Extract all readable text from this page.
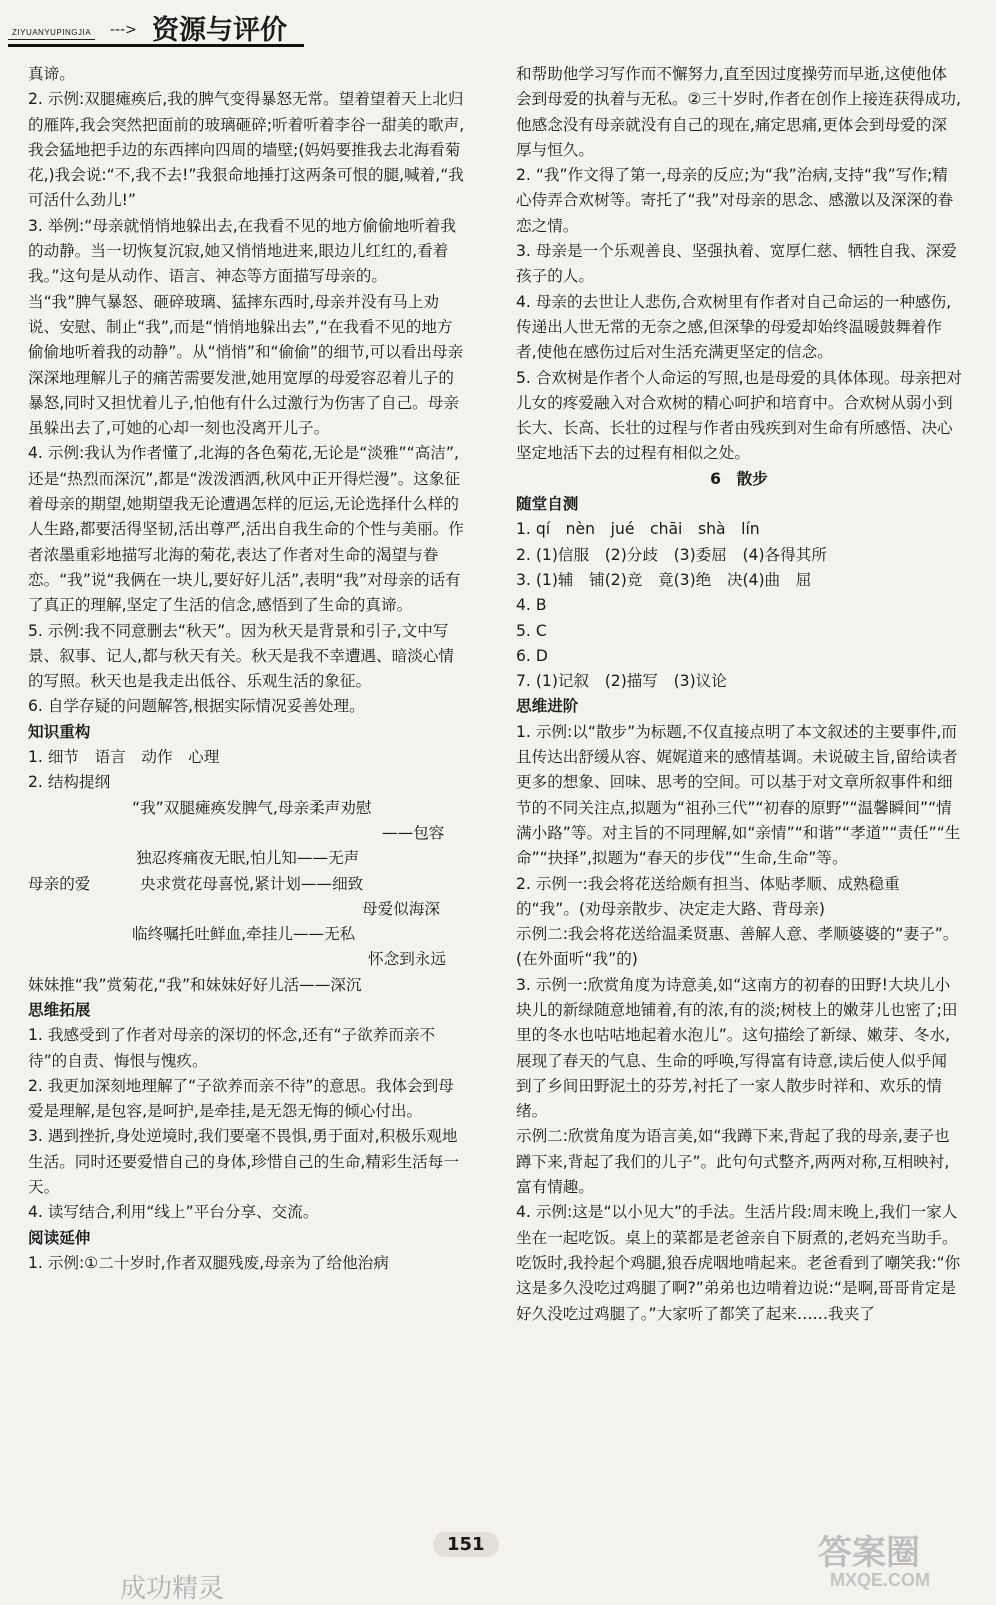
ZIYUANYUPINGJIA ---> 资源与评价

真谛。

2. 示例:双腿瘫痪后,我的脾气变得暴怒无常。望着望着天上北归的雁阵,我会突然把面前的玻璃砸碎;听着听着李谷一甜美的歌声,我会猛地把手边的东西摔向四周的墙壁;(妈妈要推我去北海看菊花,)我会说:“不,我不去!”我狠命地捶打这两条可恨的腿,喊着,“我可活什么劲儿!”

3. 举例:“母亲就悄悄地躲出去,在我看不见的地方偷偷地听着我的动静。当一切恢复沉寂,她又悄悄地进来,眼边儿红红的,看着我。”这句是从动作、语言、神态等方面描写母亲的。

当“我”脾气暴怒、砸碎玻璃、猛摔东西时,母亲并没有马上劝说、安慰、制止“我”,而是“悄悄地躲出去”,“在我看不见的地方偷偷地听着我的动静”。从“悄悄”和“偷偷”的细节,可以看出母亲深深地理解儿子的痛苦需要发泄,她用宽厚的母爱容忍着儿子的暴怒,同时又担忧着儿子,怕他有什么过激行为伤害了自己。母亲虽躲出去了,可她的心却一刻也没离开儿子。

4. 示例:我认为作者懂了,北海的各色菊花,无论是“淡雅”“高洁”,还是“热烈而深沉”,都是“泼泼洒洒,秋风中正开得烂漫”。这象征着母亲的期望,她期望我无论遭遇怎样的厄运,无论选择什么样的人生路,都要活得坚韧,活出尊严,活出自我生命的个性与美丽。作者浓墨重彩地描写北海的菊花,表达了作者对生命的渴望与眷恋。“我”说“我俩在一块儿,要好好儿活”,表明“我”对母亲的话有了真正的理解,坚定了生活的信念,感悟到了生命的真谛。

5. 示例:我不同意删去“秋天”。因为秋天是背景和引子,文中写景、叙事、记人,都与秋天有关。秋天是我不幸遭遇、暗淡心情的写照。秋天也是我走出低谷、乐观生活的象征。

6. 自学存疑的问题解答,根据实际情况妥善处理。

知识重构

1. 细节　语言　动作　心理

2. 结构提纲

“我”双腿瘫痪发脾气,母亲柔声劝慰
——包容
独忍疼痛夜无眠,怕儿知——无声
母亲的爱	央求赏花母喜悦,紧计划——细致
母爱似海深
临终嘱托吐鲜血,牵挂儿——无私
怀念到永远
妹妹推“我”赏菊花,“我”和妹妹好好儿活——深沉

思维拓展

1. 我感受到了作者对母亲的深切的怀念,还有“子欲养而亲不待”的自责、悔恨与愧疚。

2. 我更加深刻地理解了“子欲养而亲不待”的意思。我体会到母爱是理解,是包容,是呵护,是牵挂,是无怨无悔的倾心付出。

3. 遇到挫折,身处逆境时,我们要毫不畏惧,勇于面对,积极乐观地生活。同时还要爱惜自己的身体,珍惜自己的生命,精彩生活每一天。

4. 读写结合,利用“线上”平台分享、交流。

阅读延伸

1. 示例:①二十岁时,作者双腿残废,母亲为了给他治病

和帮助他学习写作而不懈努力,直至因过度操劳而早逝,这使他体会到母爱的执着与无私。②三十岁时,作者在创作上接连获得成功,他感念没有母亲就没有自己的现在,痛定思痛,更体会到母爱的深厚与恒久。

2. “我”作文得了第一,母亲的反应;为“我”治病,支持“我”写作;精心侍弄合欢树等。寄托了“我”对母亲的思念、感激以及深深的眷恋之情。

3. 母亲是一个乐观善良、坚强执着、宽厚仁慈、牺牲自我、深爱孩子的人。

4. 母亲的去世让人悲伤,合欢树里有作者对自己命运的一种感伤,传递出人世无常的无奈之感,但深挚的母爱却始终温暖鼓舞着作者,使他在感伤过后对生活充满更坚定的信念。

5. 合欢树是作者个人命运的写照,也是母爱的具体体现。母亲把对儿女的疼爱融入对合欢树的精心呵护和培育中。合欢树从弱小到长大、长高、长壮的过程与作者由残疾到对生命有所感悟、决心坚定地活下去的过程有相似之处。

6　散步

随堂自测

1. qí　nèn　jué　chāi　shà　lín

2. (1)信服　(2)分歧　(3)委屈　(4)各得其所

3. (1)辅　铺(2)竞　竟(3)绝　决(4)曲　屈

4. B

5. C

6. D

7. (1)记叙　(2)描写　(3)议论

思维进阶

1. 示例:以“散步”为标题,不仅直接点明了本文叙述的主要事件,而且传达出舒缓从容、娓娓道来的感情基调。未说破主旨,留给读者更多的想象、回味、思考的空间。可以基于对文章所叙事件和细节的不同关注点,拟题为“祖孙三代”“初春的原野”“温馨瞬间”“情满小路”等。对主旨的不同理解,如“亲情”“和谐”“孝道”“责任”“生命”“抉择”,拟题为“春天的步伐”“生命,生命”等。

2. 示例一:我会将花送给颇有担当、体贴孝顺、成熟稳重的“我”。(劝母亲散步、决定走大路、背母亲)

示例二:我会将花送给温柔贤惠、善解人意、孝顺婆婆的“妻子”。(在外面听“我”的)

3. 示例一:欣赏角度为诗意美,如“这南方的初春的田野!大块儿小块儿的新绿随意地铺着,有的浓,有的淡;树枝上的嫩芽儿也密了;田里的冬水也咕咕地起着水泡儿”。这句描绘了新绿、嫩芽、冬水,展现了春天的气息、生命的呼唤,写得富有诗意,读后使人似乎闻到了乡间田野泥土的芬芳,衬托了一家人散步时祥和、欢乐的情绪。

示例二:欣赏角度为语言美,如“我蹲下来,背起了我的母亲,妻子也蹲下来,背起了我们的儿子”。此句句式整齐,两两对称,互相映衬,富有情趣。

4. 示例:这是“以小见大”的手法。生活片段:周末晚上,我们一家人坐在一起吃饭。桌上的菜都是老爸亲自下厨煮的,老妈充当助手。吃饭时,我拎起个鸡腿,狼吞虎咽地啃起来。老爸看到了嘲笑我:“你这是多久没吃过鸡腿了啊?”弟弟也边啃着边说:“是啊,哥哥肯定是好久没吃过鸡腿了。”大家听了都笑了起来……我夹了

151
成功精灵
答案圈
MXQE.COM
